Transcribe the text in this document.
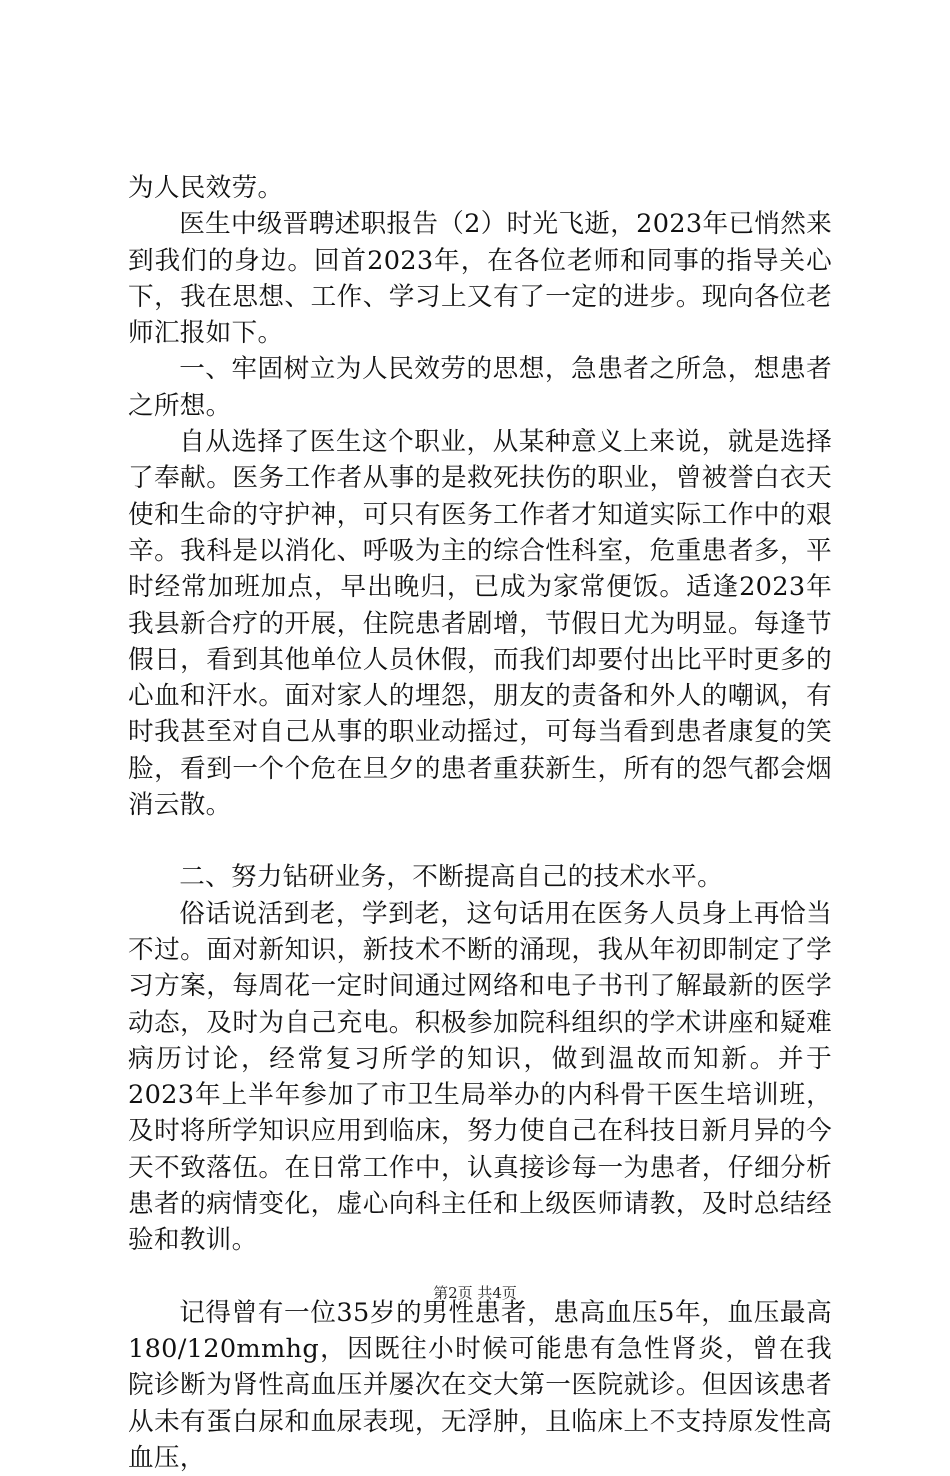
为人民效劳。

医生中级晋聘述职报告（2）时光飞逝，2023年已悄然来到我们的身边。回首2023年，在各位老师和同事的指导关心下，我在思想、工作、学习上又有了一定的进步。现向各位老师汇报如下。

一、牢固树立为人民效劳的思想，急患者之所急，想患者之所想。

自从选择了医生这个职业，从某种意义上来说，就是选择了奉献。医务工作者从事的是救死扶伤的职业，曾被誉白衣天使和生命的守护神，可只有医务工作者才知道实际工作中的艰辛。我科是以消化、呼吸为主的综合性科室，危重患者多，平时经常加班加点，早出晚归，已成为家常便饭。适逢2023年我县新合疗的开展，住院患者剧增，节假日尤为明显。每逢节假日，看到其他单位人员休假，而我们却要付出比平时更多的心血和汗水。面对家人的埋怨，朋友的责备和外人的嘲讽，有时我甚至对自己从事的职业动摇过，可每当看到患者康复的笑脸，看到一个个危在旦夕的患者重获新生，所有的怨气都会烟消云散。

二、努力钻研业务，不断提高自己的技术水平。

俗话说活到老，学到老，这句话用在医务人员身上再恰当不过。面对新知识，新技术不断的涌现，我从年初即制定了学习方案，每周花一定时间通过网络和电子书刊了解最新的医学动态，及时为自己充电。积极参加院科组织的学术讲座和疑难病历讨论，经常复习所学的知识，做到温故而知新。并于2023年上半年参加了市卫生局举办的内科骨干医生培训班，及时将所学知识应用到临床，努力使自己在科技日新月异的今天不致落伍。在日常工作中，认真接诊每一为患者，仔细分析患者的病情变化，虚心向科主任和上级医师请教，及时总结经验和教训。

记得曾有一位35岁的男性患者，患高血压5年，血压最高180/120mmhg，因既往小时候可能患有急性肾炎，曾在我院诊断为肾性高血压并屡次在交大第一医院就诊。但因该患者从未有蛋白尿和血尿表现，无浮肿，且临床上不支持原发性高血压，

第2页 共4页
